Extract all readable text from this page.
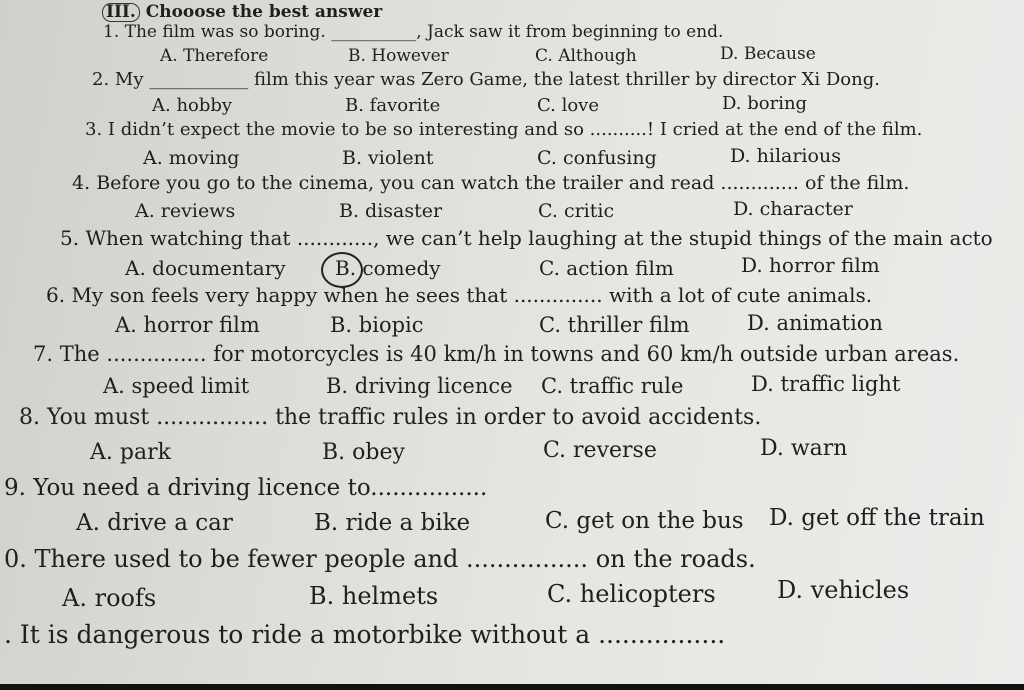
III. Chooose the best answer
1. The film was so boring. __________, Jack saw it from beginning to end.
A. Therefore	B. However	C. Although	D. Because
2. My ___________ film this year was Zero Game, the latest thriller by director Xi Dong.
A. hobby	B. favorite	C. love	D. boring
3. I didn’t expect the movie to be so interesting and so ..........! I cried at the end of the film.
A. moving	B. violent	C. confusing	D. hilarious
4. Before you go to the cinema, you can watch the trailer and read ............. of the film.
A. reviews	B. disaster	C. critic	D. character
5. When watching that ............, we can’t help laughing at the stupid things of the main acto
A. documentary B. comedy	C. action film	D. horror film
6. My son feels very happy when he sees that .............. with a lot of cute animals.
A. horror film	B. biopic	C. thriller film	D. animation
7. The ............... for motorcycles is 40 km/h in towns and 60 km/h outside urban areas.
A. speed limit	B. driving licence C. traffic rule	D. traffic light
8. You must ................ the traffic rules in order to avoid accidents.
A. park	B. obey	C. reverse	D. warn
9. You need a driving licence to................
A. drive a car	B. ride a bike	C. get on the bus D. get off the train
0. There used to be fewer people and ................ on the roads.
A. roofs	B. helmets	C. helicopters	D. vehicles
. It is dangerous to ride a motorbike without a ................
